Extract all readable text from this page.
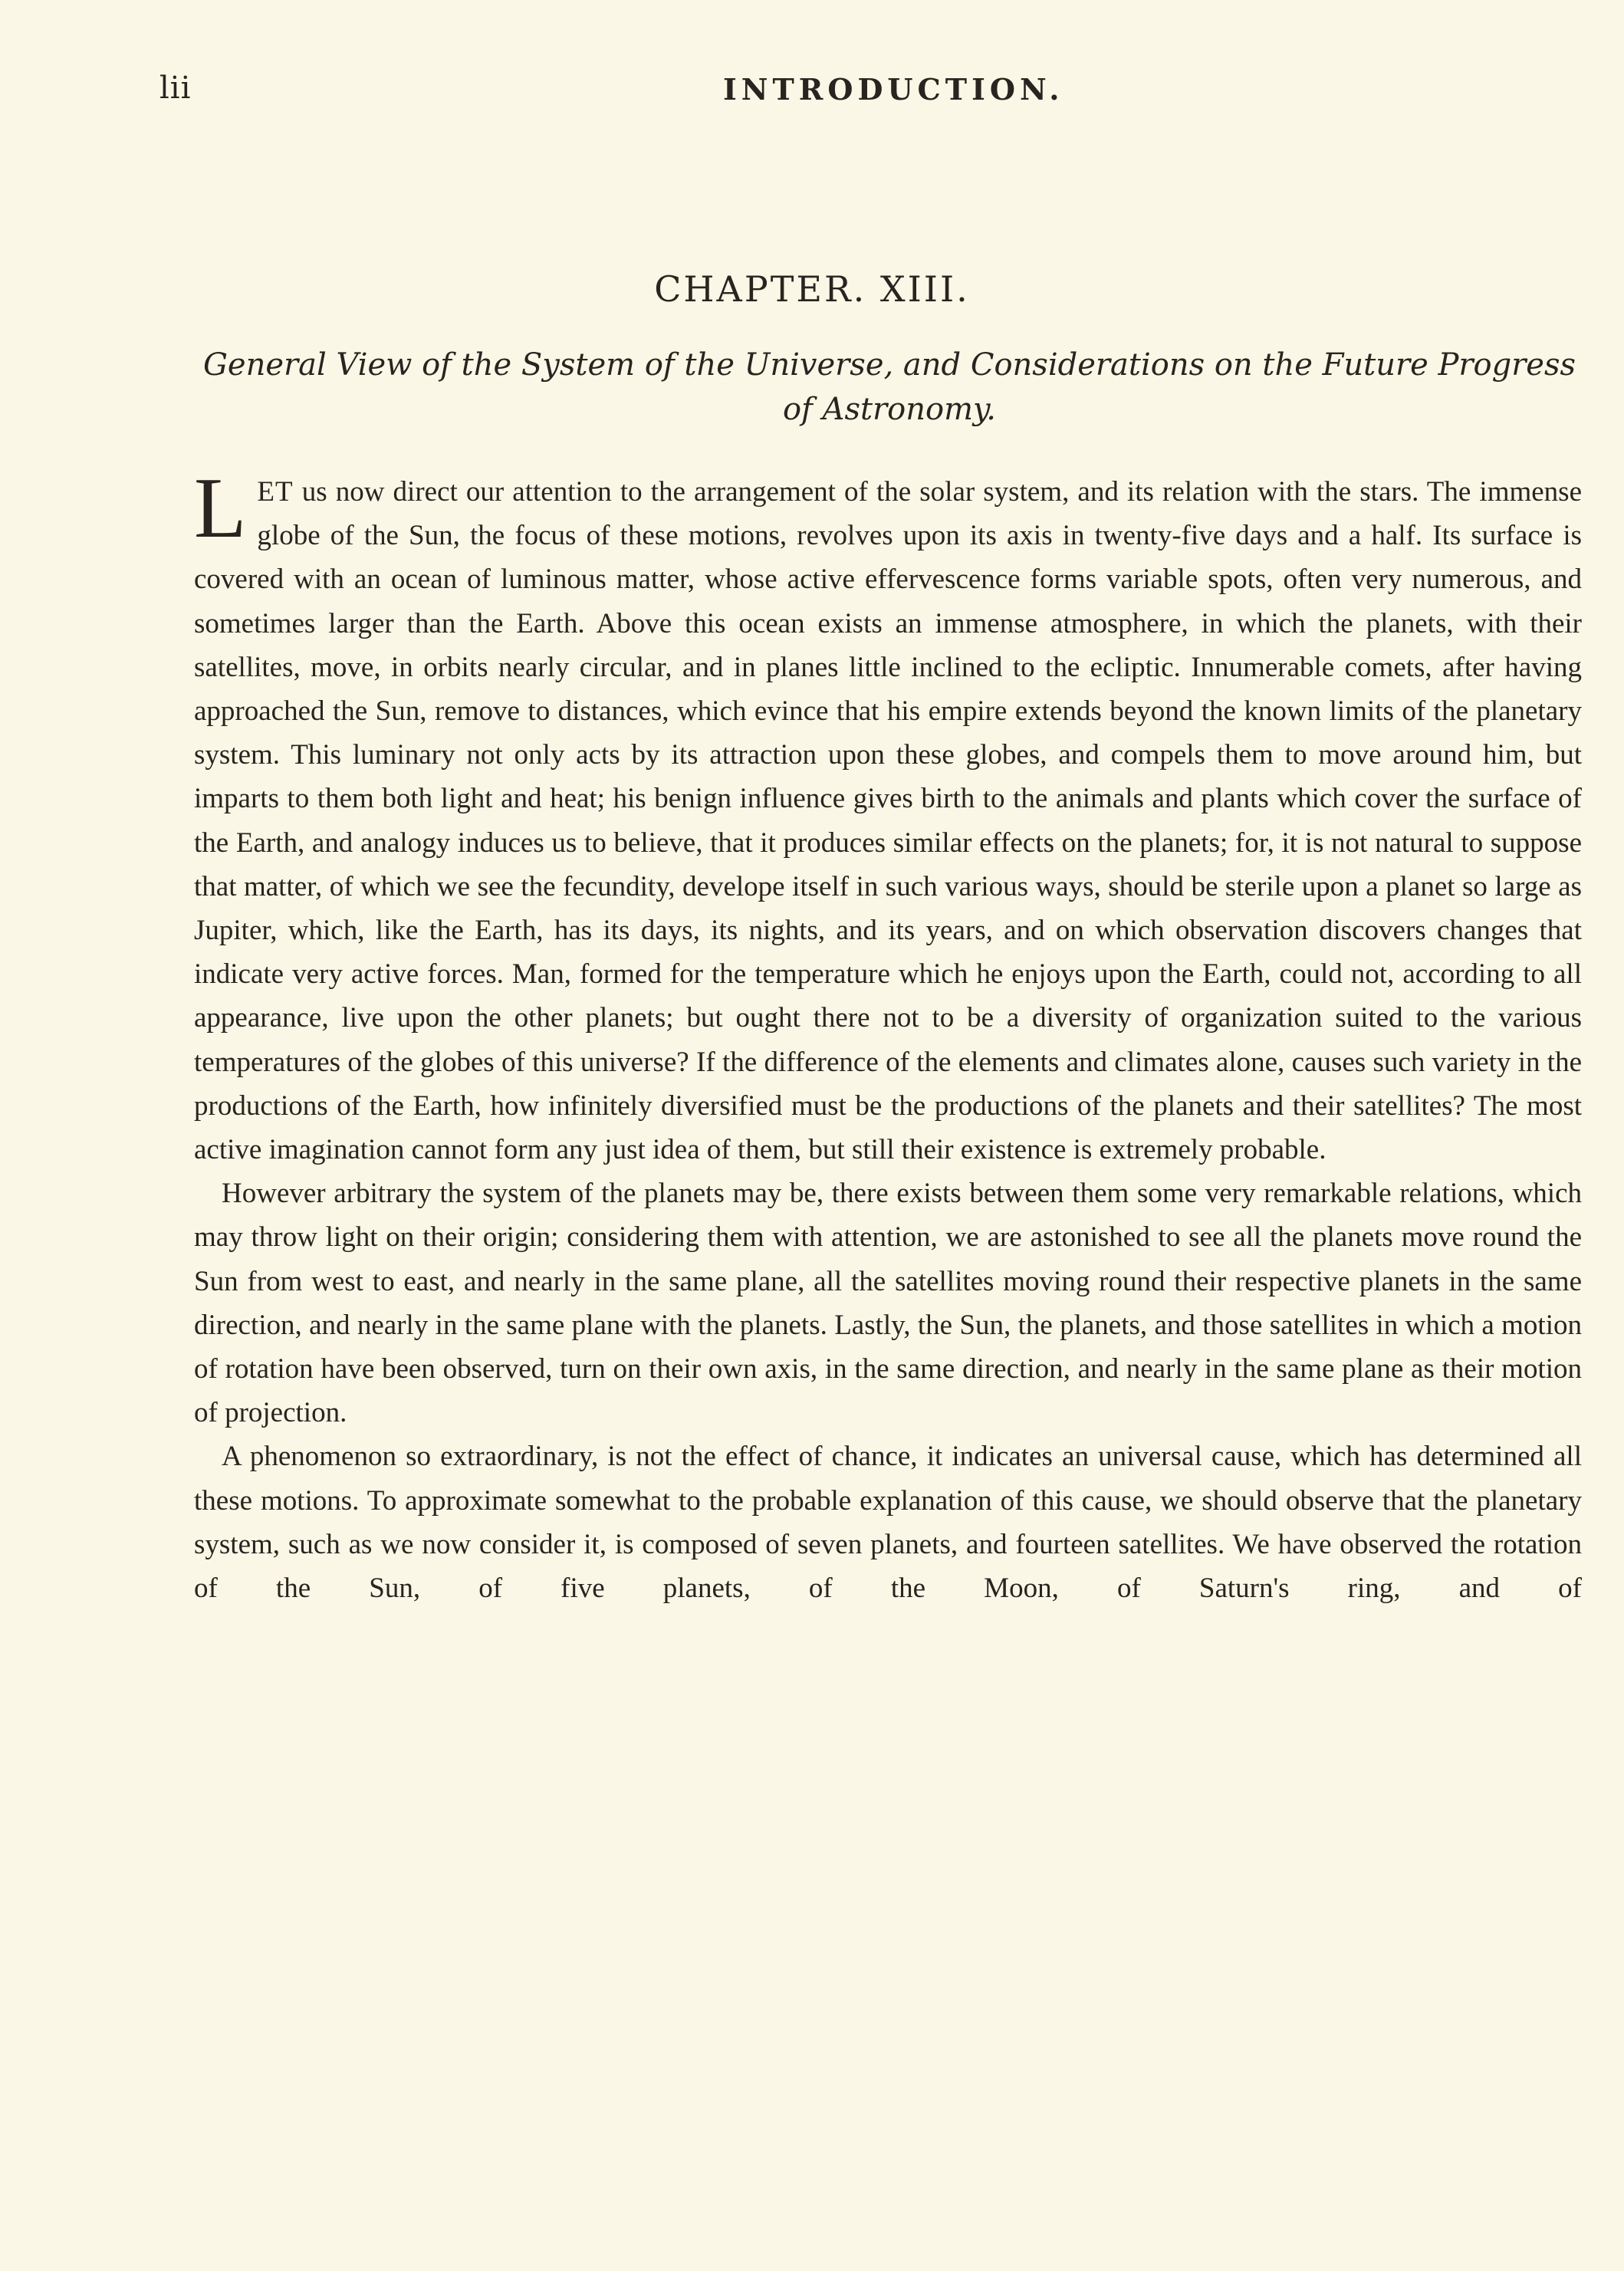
lii	INTRODUCTION.
CHAPTER. XIII.
General View of the System of the Universe, and Considerations on the Future Progress of Astronomy.

LET us now direct our attention to the arrangement of the solar system, and its relation with the stars. The immense globe of the Sun, the focus of these motions, revolves upon its axis in twenty-five days and a half. Its surface is covered with an ocean of luminous matter, whose active effervescence forms variable spots, often very numerous, and sometimes larger than the Earth. Above this ocean exists an immense atmosphere, in which the planets, with their satellites, move, in orbits nearly circular, and in planes little inclined to the ecliptic. Innumerable comets, after having approached the Sun, remove to distances, which evince that his empire extends beyond the known limits of the planetary system. This luminary not only acts by its attraction upon these globes, and compels them to move around him, but imparts to them both light and heat; his benign influence gives birth to the animals and plants which cover the surface of the Earth, and analogy induces us to believe, that it produces similar effects on the planets; for, it is not natural to suppose that matter, of which we see the fecundity, develope itself in such various ways, should be sterile upon a planet so large as Jupiter, which, like the Earth, has its days, its nights, and its years, and on which observation discovers changes that indicate very active forces. Man, formed for the temperature which he enjoys upon the Earth, could not, according to all appearance, live upon the other planets; but ought there not to be a diversity of organization suited to the various temperatures of the globes of this universe? If the difference of the elements and climates alone, causes such variety in the productions of the Earth, how infinitely diversified must be the productions of the planets and their satellites? The most active imagination cannot form any just idea of them, but still their existence is extremely probable.

However arbitrary the system of the planets may be, there exists between them some very remarkable relations, which may throw light on their origin; considering them with attention, we are astonished to see all the planets move round the Sun from west to east, and nearly in the same plane, all the satellites moving round their respective planets in the same direction, and nearly in the same plane with the planets. Lastly, the Sun, the planets, and those satellites in which a motion of rotation have been observed, turn on their own axis, in the same direction, and nearly in the same plane as their motion of projection.

A phenomenon so extraordinary, is not the effect of chance, it indicates an universal cause, which has determined all these motions. To approximate somewhat to the probable explanation of this cause, we should observe that the planetary system, such as we now consider it, is composed of seven planets, and fourteen satellites. We have observed the rotation of the Sun, of five planets, of the Moon, of Saturn's ring, and of
